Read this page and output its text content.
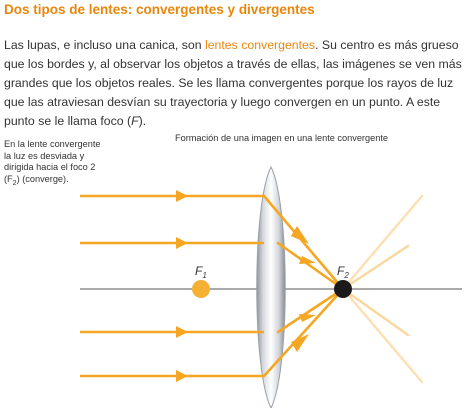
Dos tipos de lentes: convergentes y divergentes

Las lupas, e incluso una canica, son lentes convergentes. Su centro es más grueso que los bordes y, al observar los objetos a través de ellas, las imágenes se ven más grandes que los objetos reales. Se les llama convergentes porque los rayos de luz que las atraviesan desvían su trayectoria y luego convergen en un punto. A este punto se le llama foco (F).

En la lente convergente
la luz es desviada y
dirigida hacia el foco 2
$(F_2)$ (converge).

Formación de una imagen en una lente convergente

$F_1$	$F_2$
